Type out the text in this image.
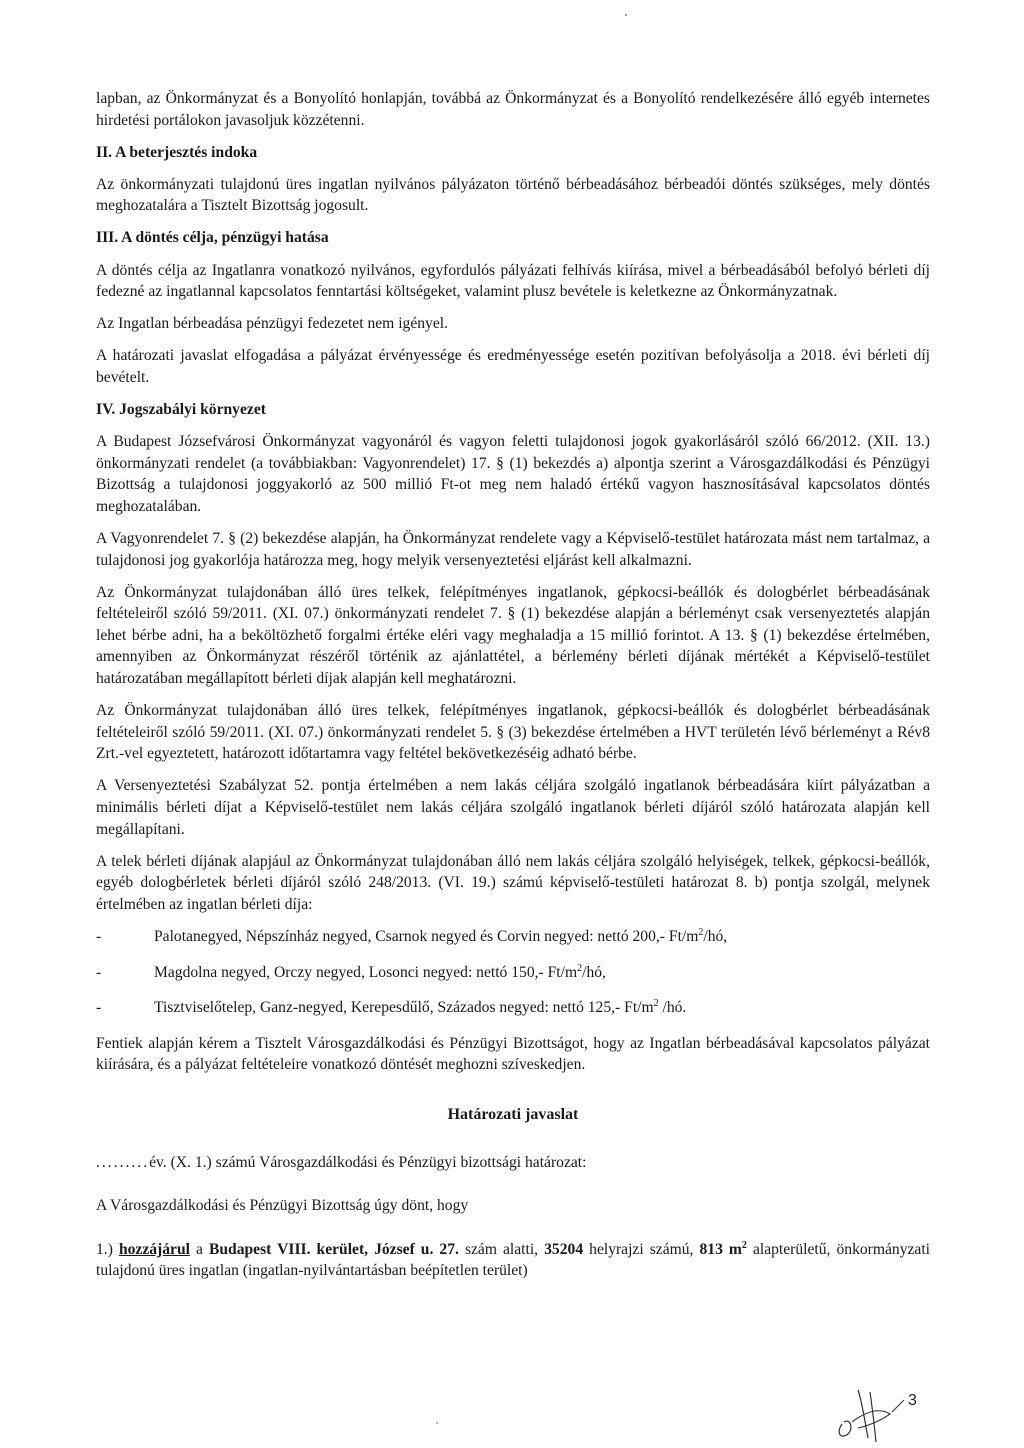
lapban, az Önkormányzat és a Bonyolító honlapján, továbbá az Önkormányzat és a Bonyolító rendelkezésére álló egyéb internetes hirdetési portálokon javasoljuk közzétenni.

II. A beterjesztés indoka

Az önkormányzati tulajdonú üres ingatlan nyilvános pályázaton történő bérbeadásához bérbeadói döntés szükséges, mely döntés meghozatalára a Tisztelt Bizottság jogosult.

III. A döntés célja, pénzügyi hatása

A döntés célja az Ingatlanra vonatkozó nyilvános, egyfordulós pályázati felhívás kiírása, mivel a bérbeadásából befolyó bérleti díj fedezné az ingatlannal kapcsolatos fenntartási költségeket, valamint plusz bevétele is keletkezne az Önkormányzatnak.

Az Ingatlan bérbeadása pénzügyi fedezetet nem igényel.

A határozati javaslat elfogadása a pályázat érvényessége és eredményessége esetén pozitívan befolyásolja a 2018. évi bérleti díj bevételt.

IV. Jogszabályi környezet

A Budapest Józsefvárosi Önkormányzat vagyonáról és vagyon feletti tulajdonosi jogok gyakorlásáról szóló 66/2012. (XII. 13.) önkormányzati rendelet (a továbbiakban: Vagyonrendelet) 17. § (1) bekezdés a) alpontja szerint a Városgazdálkodási és Pénzügyi Bizottság a tulajdonosi joggyakorló az 500 millió Ft-ot meg nem haladó értékű vagyon hasznosításával kapcsolatos döntés meghozatalában.

A Vagyonrendelet 7. § (2) bekezdése alapján, ha Önkormányzat rendelete vagy a Képviselő-testület határozata mást nem tartalmaz, a tulajdonosi jog gyakorlója határozza meg, hogy melyik versenyeztetési eljárást kell alkalmazni.

Az Önkormányzat tulajdonában álló üres telkek, felépítményes ingatlanok, gépkocsi-beállók és dologbérlet bérbeadásának feltételeiről szóló 59/2011. (XI. 07.) önkormányzati rendelet 7. § (1) bekezdése alapján a bérleményt csak versenyeztetés alapján lehet bérbe adni, ha a beköltözhető forgalmi értéke eléri vagy meghaladja a 15 millió forintot. A 13. § (1) bekezdése értelmében, amennyiben az Önkormányzat részéről történik az ajánlattétel, a bérlemény bérleti díjának mértékét a Képviselő-testület határozatában megállapított bérleti díjak alapján kell meghatározni.

Az Önkormányzat tulajdonában álló üres telkek, felépítményes ingatlanok, gépkocsi-beállók és dologbérlet bérbeadásának feltételeiről szóló 59/2011. (XI. 07.) önkormányzati rendelet 5. § (3) bekezdése értelmében a HVT területén lévő bérleményt a Rév8 Zrt.-vel egyeztetett, határozott időtartamra vagy feltétel bekövetkezéséig adható bérbe.

A Versenyeztetési Szabályzat 52. pontja értelmében a nem lakás céljára szolgáló ingatlanok bérbeadására kiírt pályázatban a minimális bérleti díjat a Képviselő-testület nem lakás céljára szolgáló ingatlanok bérleti díjáról szóló határozata alapján kell megállapítani.

A telek bérleti díjának alapjául az Önkormányzat tulajdonában álló nem lakás céljára szolgáló helyiségek, telkek, gépkocsi-beállók, egyéb dologbérletek bérleti díjáról szóló 248/2013. (VI. 19.) számú képviselő-testületi határozat 8. b) pontja szolgál, melynek értelmében az ingatlan bérleti díja:

-	Palotanegyed, Népszínház negyed, Csarnok negyed és Corvin negyed: nettó 200,- $Ft/m^2/hó$,
-	Magdolna negyed, Orczy negyed, Losonci negyed: nettó 150,- $Ft/m^2/hó$,
-	Tisztviselőtelep, Ganz-negyed, Kerepesdűlő, Százados negyed: nettó 125,- $Ft/m^2$ /hó.

Fentiek alapján kérem a Tisztelt Városgazdálkodási és Pénzügyi Bizottságot, hogy az Ingatlan bérbeadásával kapcsolatos pályázat kiírására, és a pályázat feltételeire vonatkozó döntését meghozni szíveskedjen.

Határozati javaslat

.........év. (X. 1.) számú Városgazdálkodási és Pénzügyi bizottsági határozat:

A Városgazdálkodási és Pénzügyi Bizottság úgy dönt, hogy

1.) hozzájárul a Budapest VIII. kerület, József u. 27. szám alatti, 35204 helyrajzi számú, 813 $m^2$ alapterületű, önkormányzati tulajdonú üres ingatlan (ingatlan-nyilvántartásban beépítetlen terület)

3
